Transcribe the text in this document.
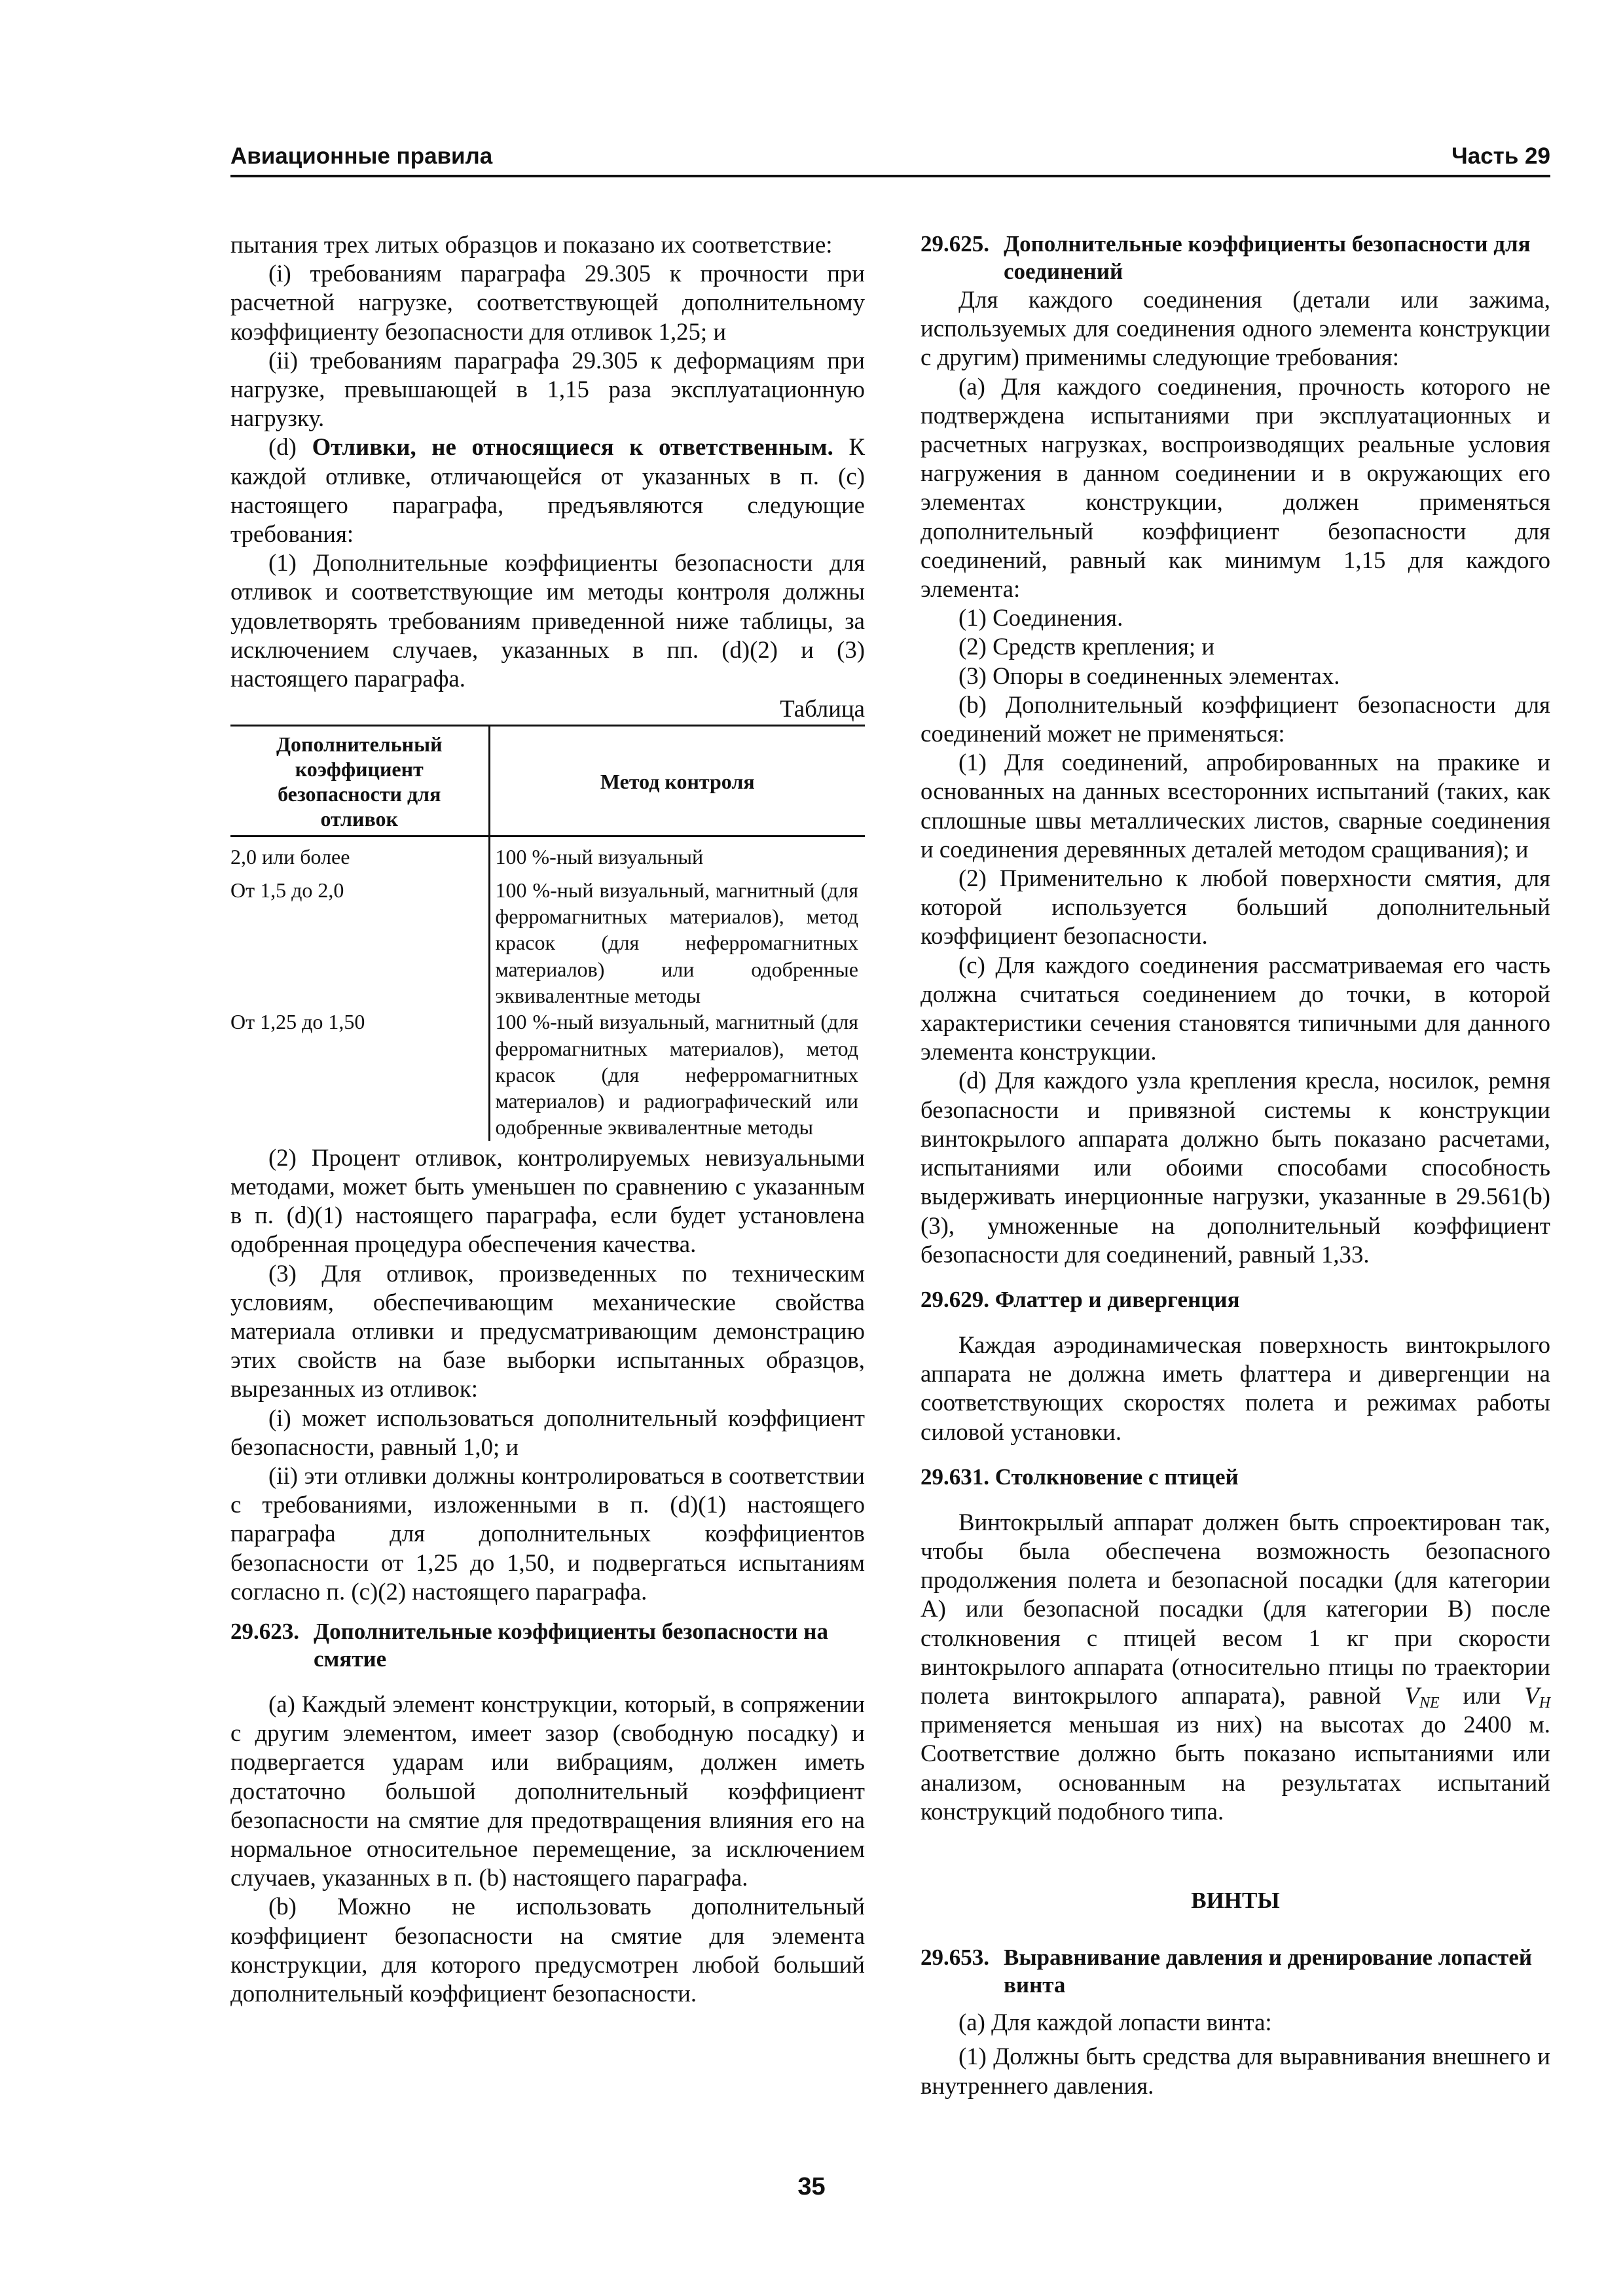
Авиационные правила	Часть 29

пытания трех литых образцов и показано их соответствие:

(i) требованиям параграфа 29.305 к прочности при расчетной нагрузке, соответствующей дополнительному коэффициенту безопасности для отливок 1,25; и

(ii) требованиям параграфа 29.305 к деформациям при нагрузке, превышающей в 1,15 раза эксплуатационную нагрузку.

(d) Отливки, не относящиеся к ответственным. К каждой отливке, отличающейся от указанных в п. (с) настоящего параграфа, предъявляются следующие требования:

(1) Дополнительные коэффициенты безопасности для отливок и соответствующие им методы контроля должны удовлетворять требованиям приведенной ниже таблицы, за исключением случаев, указанных в пп. (d)(2) и (3) настоящего параграфа.

Таблица
Дополнительный коэффициент безопасности для отливок	Метод контроля
2,0 или более	100 %-ный визуальный
От 1,5 до 2,0	100 %-ный визуальный, магнитный (для ферромагнитных материалов), метод красок (для неферромагнитных материалов) или одобренные эквивалентные методы
От 1,25 до 1,50	100 %-ный визуальный, магнитный (для ферромагнитных материалов), метод красок (для неферромагнитных материалов) и радиографический или одобренные эквивалентные методы

(2) Процент отливок, контролируемых невизуальными методами, может быть уменьшен по сравнению с указанным в п. (d)(1) настоящего параграфа, если будет установлена одобренная процедура обеспечения качества.

(3) Для отливок, произведенных по техническим условиям, обеспечивающим механические свойства материала отливки и предусматривающим демонстрацию этих свойств на базе выборки испытанных образцов, вырезанных из отливок:

(i) может использоваться дополнительный коэффициент безопасности, равный 1,0; и

(ii) эти отливки должны контролироваться в соответствии с требованиями, изложенными в п. (d)(1) настоящего параграфа для дополнительных коэффициентов безопасности от 1,25 до 1,50, и подвергаться испытаниям согласно п. (с)(2) настоящего параграфа.

29.623. Дополнительные коэффициенты безопасности на смятие

(a) Каждый элемент конструкции, который, в сопряжении с другим элементом, имеет зазор (свободную посадку) и подвергается ударам или вибрациям, должен иметь достаточно большой дополнительный коэффициент безопасности на смятие для предотвращения влияния его на нормальное относительное перемещение, за исключением случаев, указанных в п. (b) настоящего параграфа.

(b) Можно не использовать дополнительный коэффициент безопасности на смятие для элемента конструкции, для которого предусмотрен любой больший дополнительный коэффициент безопасности.

29.625. Дополнительные коэффициенты безопасности для соединений

Для каждого соединения (детали или зажима, используемых для соединения одного элемента конструкции с другим) применимы следующие требования:

(a) Для каждого соединения, прочность которого не подтверждена испытаниями при эксплуатационных и расчетных нагрузках, воспроизводящих реальные условия нагружения в данном соединении и в окружающих его элементах конструкции, должен применяться дополнительный коэффициент безопасности для соединений, равный как минимум 1,15 для каждого элемента:

(1) Соединения.

(2) Средств крепления; и

(3) Опоры в соединенных элементах.

(b) Дополнительный коэффициент безопасности для соединений может не применяться:

(1) Для соединений, апробированных на пракике и основанных на данных всесторонних испытаний (таких, как сплошные швы металлических листов, сварные соединения и соединения деревянных деталей методом сращивания); и

(2) Применительно к любой поверхности смятия, для которой используется больший дополнительный коэффициент безопасности.

(c) Для каждого соединения рассматриваемая его часть должна считаться соединением до точки, в которой характеристики сечения становятся типичными для данного элемента конструкции.

(d) Для каждого узла крепления кресла, носилок, ремня безопасности и привязной системы к конструкции винтокрылого аппарата должно быть показано расчетами, испытаниями или обоими способами способность выдерживать инерционные нагрузки, указанные в 29.561(b)(3), умноженные на дополнительный коэффициент безопасности для соединений, равный 1,33.

29.629. Флаттер и дивергенция

Каждая аэродинамическая поверхность винтокрылого аппарата не должна иметь флаттера и дивергенции на соответствующих скоростях полета и режимах работы силовой установки.

29.631. Столкновение с птицей

Винтокрылый аппарат должен быть спроектирован так, чтобы была обеспечена возможность безопасного продолжения полета и безопасной посадки (для категории А) или безопасной посадки (для категории В) после столкновения с птицей весом 1 кг при скорости винтокрылого аппарата (относительно птицы по траектории полета винтокрылого аппарата), равной $V_{NE}$ или $V_H$ применяется меньшая из них) на высотах до 2400 м. Соответствие должно быть показано испытаниями или анализом, основанным на результатах испытаний конструкций подобного типа.

ВИНТЫ
29.653. Выравнивание давления и дренирование лопастей винта

(a) Для каждой лопасти винта:

(1) Должны быть средства для выравнивания внешнего и внутреннего давления.

35
